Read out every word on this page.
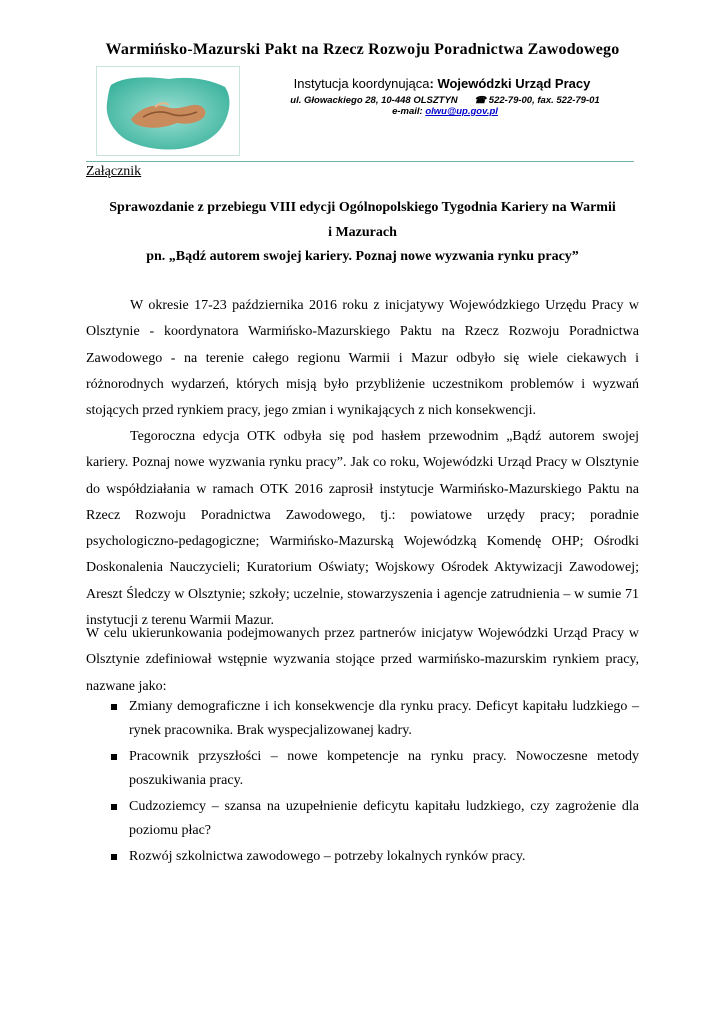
Warmińsko-Mazurski Pakt na Rzecz Rozwoju Poradnictwa Zawodowego
Instytucja koordynująca: Wojewódzki Urząd Pracy
ul. Głowackiego 28, 10-448 OLSZTYN ☎ 522-79-00, fax. 522-79-01
e-mail: olwu@up.gov.pl
Załącznik
Sprawozdanie z przebiegu VIII edycji Ogólnopolskiego Tygodnia Kariery na Warmii
i Mazurach
pn. „Bądź autorem swojej kariery. Poznaj nowe wyzwania rynku pracy”

W okresie 17-23 października 2016 roku z inicjatywy Wojewódzkiego Urzędu Pracy w Olsztynie - koordynatora Warmińsko-Mazurskiego Paktu na Rzecz Rozwoju Poradnictwa Zawodowego - na terenie całego regionu Warmii i Mazur odbyło się wiele ciekawych i różnorodnych wydarzeń, których misją było przybliżenie uczestnikom problemów i wyzwań stojących przed rynkiem pracy, jego zmian i wynikających z nich konsekwencji.

Tegoroczna edycja OTK odbyła się pod hasłem przewodnim „Bądź autorem swojej kariery. Poznaj nowe wyzwania rynku pracy”. Jak co roku, Wojewódzki Urząd Pracy w Olsztynie do współdziałania w ramach OTK 2016 zaprosił instytucje Warmińsko-Mazurskiego Paktu na Rzecz Rozwoju Poradnictwa Zawodowego, tj.: powiatowe urzędy pracy; poradnie psychologiczno-pedagogiczne; Warmińsko-Mazurską Wojewódzką Komendę OHP; Ośrodki Doskonalenia Nauczycieli; Kuratorium Oświaty; Wojskowy Ośrodek Aktywizacji Zawodowej; Areszt Śledczy w Olsztynie; szkoły; uczelnie, stowarzyszenia i agencje zatrudnienia – w sumie 71 instytucji z terenu Warmii Mazur.

W celu ukierunkowania podejmowanych przez partnerów inicjatyw Wojewódzki Urząd Pracy w Olsztynie zdefiniował wstępnie wyzwania stojące przed warmińsko-mazurskim rynkiem pracy, nazwane jako:

Zmiany demograficzne i ich konsekwencje dla rynku pracy. Deficyt kapitału ludzkiego – rynek pracownika. Brak wyspecjalizowanej kadry.
Pracownik przyszłości – nowe kompetencje na rynku pracy. Nowoczesne metody poszukiwania pracy.
Cudzoziemcy – szansa na uzupełnienie deficytu kapitału ludzkiego, czy zagrożenie dla poziomu płac?
Rozwój szkolnictwa zawodowego – potrzeby lokalnych rynków pracy.
